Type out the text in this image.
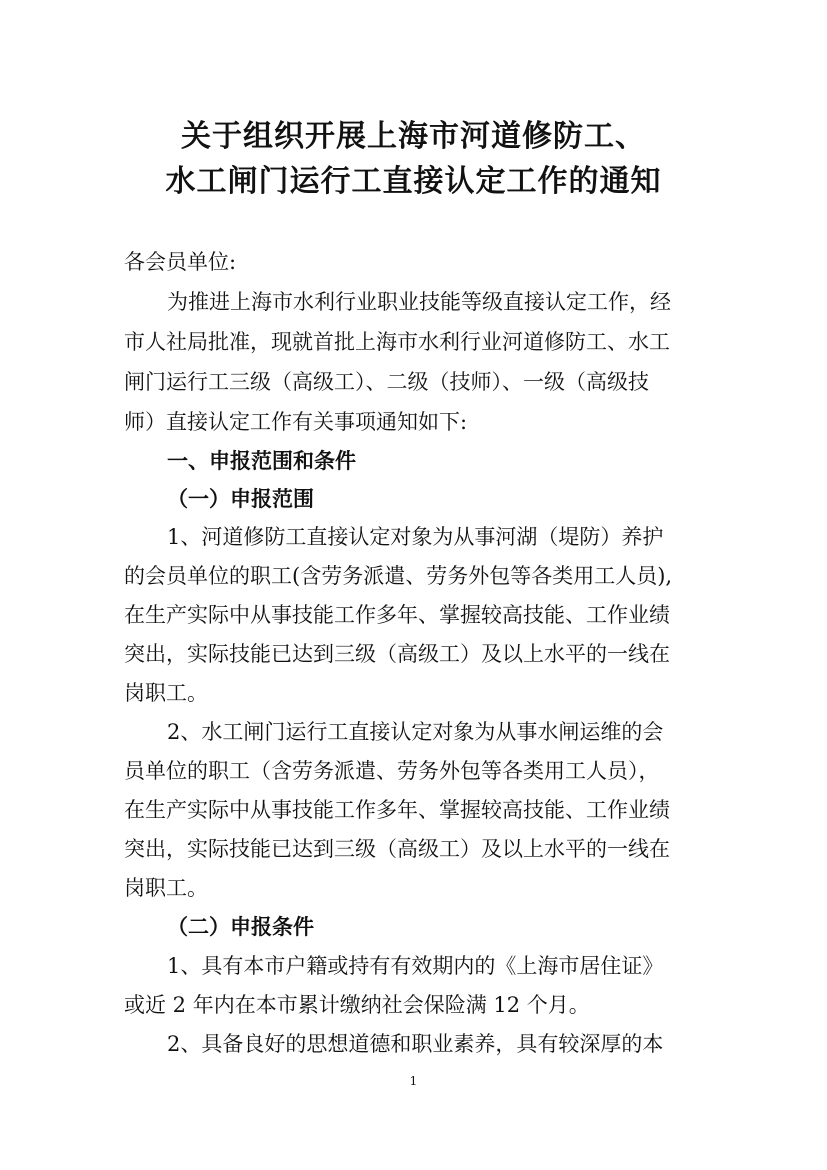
关于组织开展上海市河道修防工、
水工闸门运行工直接认定工作的通知
各会员单位:
为推进上海市水利行业职业技能等级直接认定工作，经
市人社局批准，现就首批上海市水利行业河道修防工、水工
闸门运行工三级（高级工）、二级（技师）、一级（高级技
师）直接认定工作有关事项通知如下:
一、申报范围和条件
（一）申报范围
1、河道修防工直接认定对象为从事河湖（堤防）养护
的会员单位的职工(含劳务派遣、劳务外包等各类用工人员),
在生产实际中从事技能工作多年、掌握较高技能、工作业绩
突出，实际技能已达到三级（高级工）及以上水平的一线在
岗职工。
2、水工闸门运行工直接认定对象为从事水闸运维的会
员单位的职工（含劳务派遣、劳务外包等各类用工人员），
在生产实际中从事技能工作多年、掌握较高技能、工作业绩
突出，实际技能已达到三级（高级工）及以上水平的一线在
岗职工。
（二）申报条件
1、具有本市户籍或持有有效期内的《上海市居住证》
或近 2 年内在本市累计缴纳社会保险满 12 个月。
2、具备良好的思想道德和职业素养，具有较深厚的本
1
